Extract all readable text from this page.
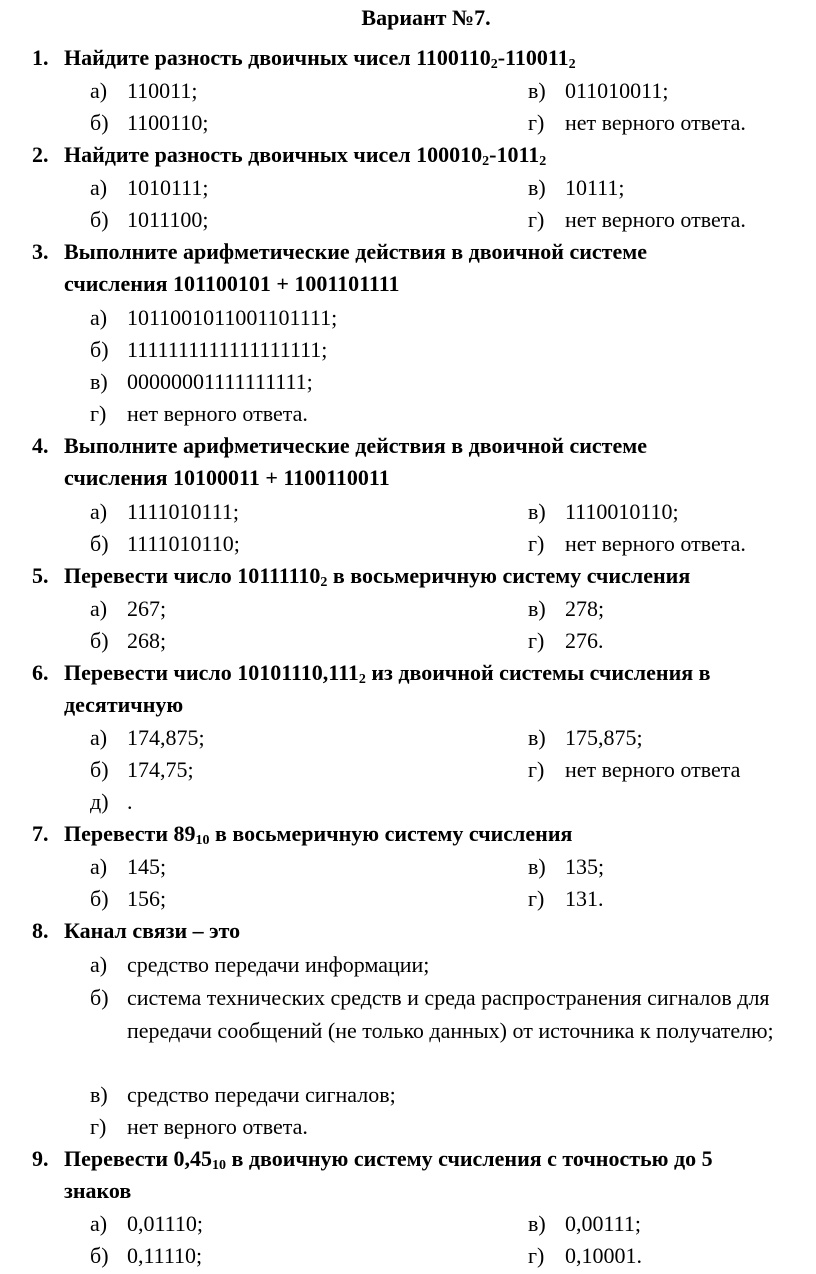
Вариант №7.
1. Найдите разность двоичных чисел $1100110_2-110011_2$
а) 110011;	в) 011010011;
б) 1100110;	г) нет верного ответа.
2. Найдите разность двоичных чисел $100010_2-1011_2$
а) 1010111;	в) 10111;
б) 1011100;	г) нет верного ответа.
3. Выполните арифметические действия в двоичной системе
счисления 101100101 + 1001101111
а) 1011001011001101111;
б) 1111111111111111111;
в) 00000001111111111;
г) нет верного ответа.
4. Выполните арифметические действия в двоичной системе
счисления 10100011 + 1100110011
а) 1111010111;	в) 1110010110;
б) 1111010110;	г) нет верного ответа.
5. Перевести число $10111110_2$ в восьмеричную систему счисления
а) 267;	в) 278;
б) 268;	г) 276.
6. Перевести число $10101110,111_2$ из двоичной системы счисления в
десятичную
а) 174,875;	в) 175,875;
б) 174,75;	г) нет верного ответа
д) .
7. Перевести $89_{10}$ в восьмеричную систему счисления
а) 145;	в) 135;
б) 156;	г) 131.
8. Канал связи – это
а) средство передачи информации;
б) система технических средств и среда распространения сигналов для передачи сообщений (не только данных) от источника к получателю;
в) средство передачи сигналов;
г) нет верного ответа.
9. Перевести $0,45_{10}$ в двоичную систему счисления с точностью до 5
знаков
а) 0,01110;	в) 0,00111;
б) 0,11110;	г) 0,10001.
